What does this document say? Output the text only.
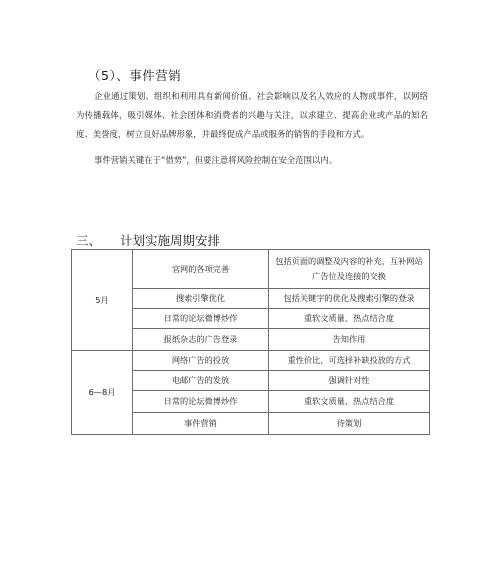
（5）、事件营销
企业通过策划、组织和利用具有新闻价值、社会影响以及名人效应的人物或事件，以网络为传播载体，吸引媒体、社会团体和消费者的兴趣与关注，以求建立、提高企业或产品的知名度、美誉度，树立良好品牌形象，并最终促成产品或服务的销售的手段和方式。
事件营销关键在于“借势”，但要注意将风险控制在安全范围以内。
三、 计划实施周期安排
5月	官网的各项完善	包括页面的调整及内容的补充，互补网站广告位及连接的交换
	搜索引擎优化	包括关键字的优化及搜索引擎的登录
	日常的论坛微博炒作	重软文质量、热点结合度
	报纸杂志的广告登录	告知作用
6—8月	网络广告的投放	重性价比，可选择补缺投放的方式
	电邮广告的发放	强调针对性
	日常的论坛微博炒作	重软文质量、热点结合度
	事件营销	待策划
